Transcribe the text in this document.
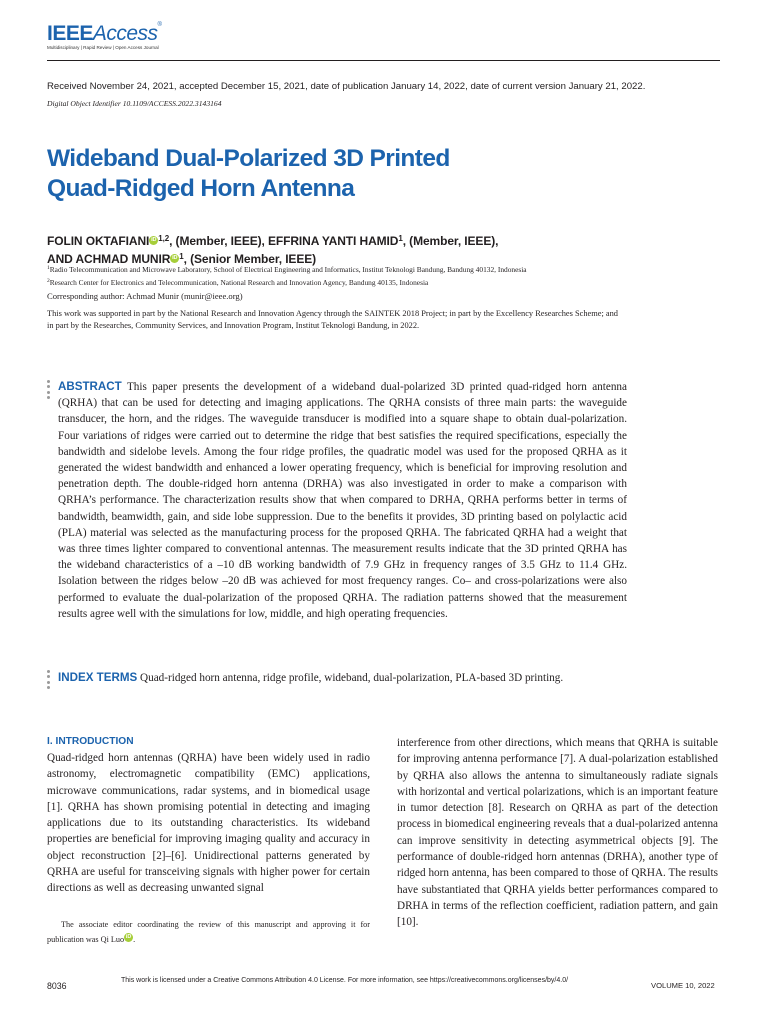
IEEEAccess®
Multidisciplinary | Rapid Review | Open Access Journal
Received November 24, 2021, accepted December 15, 2021, date of publication January 14, 2022, date of current version January 21, 2022.
Digital Object Identifier 10.1109/ACCESS.2022.3143164
Wideband Dual-Polarized 3D Printed
Quad-Ridged Horn Antenna
FOLIN OKTAFIANI iD $^{1,2}$, (Member, IEEE), EFFRINA YANTI HAMID$^1$, (Member, IEEE),
AND ACHMAD MUNIR iD $^1$, (Senior Member, IEEE)
$^1$Radio Telecommunication and Microwave Laboratory, School of Electrical Engineering and Informatics, Institut Teknologi Bandung, Bandung 40132, Indonesia
$^2$Research Center for Electronics and Telecommunication, National Research and Innovation Agency, Bandung 40135, Indonesia
Corresponding author: Achmad Munir (munir@ieee.org)
This work was supported in part by the National Research and Innovation Agency through the SAINTEK 2018 Project; in part by the Excellency Researches Scheme; and in part by the Researches, Community Services, and Innovation Program, Institut Teknologi Bandung, in 2022.
ABSTRACT This paper presents the development of a wideband dual-polarized 3D printed quad-ridged horn antenna (QRHA) that can be used for detecting and imaging applications. The QRHA consists of three main parts: the waveguide transducer, the horn, and the ridges. The waveguide transducer is modified into a square shape to obtain dual-polarization. Four variations of ridges were carried out to determine the ridge that best satisfies the required specifications, especially the bandwidth and sidelobe levels. Among the four ridge profiles, the quadratic model was used for the proposed QRHA as it generated the widest bandwidth and enhanced a lower operating frequency, which is beneficial for improving resolution and penetration depth. The double-ridged horn antenna (DRHA) was also investigated in order to make a comparison with QRHA’s performance. The characterization results show that when compared to DRHA, QRHA performs better in terms of bandwidth, beamwidth, gain, and side lobe suppression. Due to the benefits it provides, 3D printing based on polylactic acid (PLA) material was selected as the manufacturing process for the proposed QRHA. The fabricated QRHA had a weight that was three times lighter compared to conventional antennas. The measurement results indicate that the 3D printed QRHA has the wideband characteristics of a –10 dB working bandwidth of 7.9 GHz in frequency ranges of 3.5 GHz to 11.4 GHz. Isolation between the ridges below –20 dB was achieved for most frequency ranges. Co– and cross-polarizations were also performed to evaluate the dual-polarization of the proposed QRHA. The radiation patterns showed that the measurement results agree well with the simulations for low, middle, and high operating frequencies.
INDEX TERMS Quad-ridged horn antenna, ridge profile, wideband, dual-polarization, PLA-based 3D printing.
I. INTRODUCTION
Quad-ridged horn antennas (QRHA) have been widely used in radio astronomy, electromagnetic compatibility (EMC) applications, microwave communications, radar systems, and in biomedical usage [1]. QRHA has shown promising potential in detecting and imaging applications due to its outstanding characteristics. Its wideband properties are beneficial for improving imaging quality and accuracy in object reconstruction [2]–[6]. Unidirectional patterns generated by QRHA are useful for transceiving signals with higher power for certain directions as well as decreasing unwanted signal
interference from other directions, which means that QRHA is suitable for improving antenna performance [7]. A dual-polarization established by QRHA also allows the antenna to simultaneously radiate signals with horizontal and vertical polarizations, which is an important feature in tumor detection [8]. Research on QRHA as part of the detection process in biomedical engineering reveals that a dual-polarized antenna can improve sensitivity in detecting asymmetrical objects [9]. The performance of double-ridged horn antennas (DRHA), another type of ridged horn antenna, has been compared to those of QRHA. The results have substantiated that QRHA yields better performances compared to DRHA in terms of the reflection coefficient, radiation pattern, and gain [10].
The associate editor coordinating the review of this manuscript and approving it for publication was Qi Luo iD .
8036
This work is licensed under a Creative Commons Attribution 4.0 License. For more information, see https://creativecommons.org/licenses/by/4.0/
VOLUME 10, 2022
